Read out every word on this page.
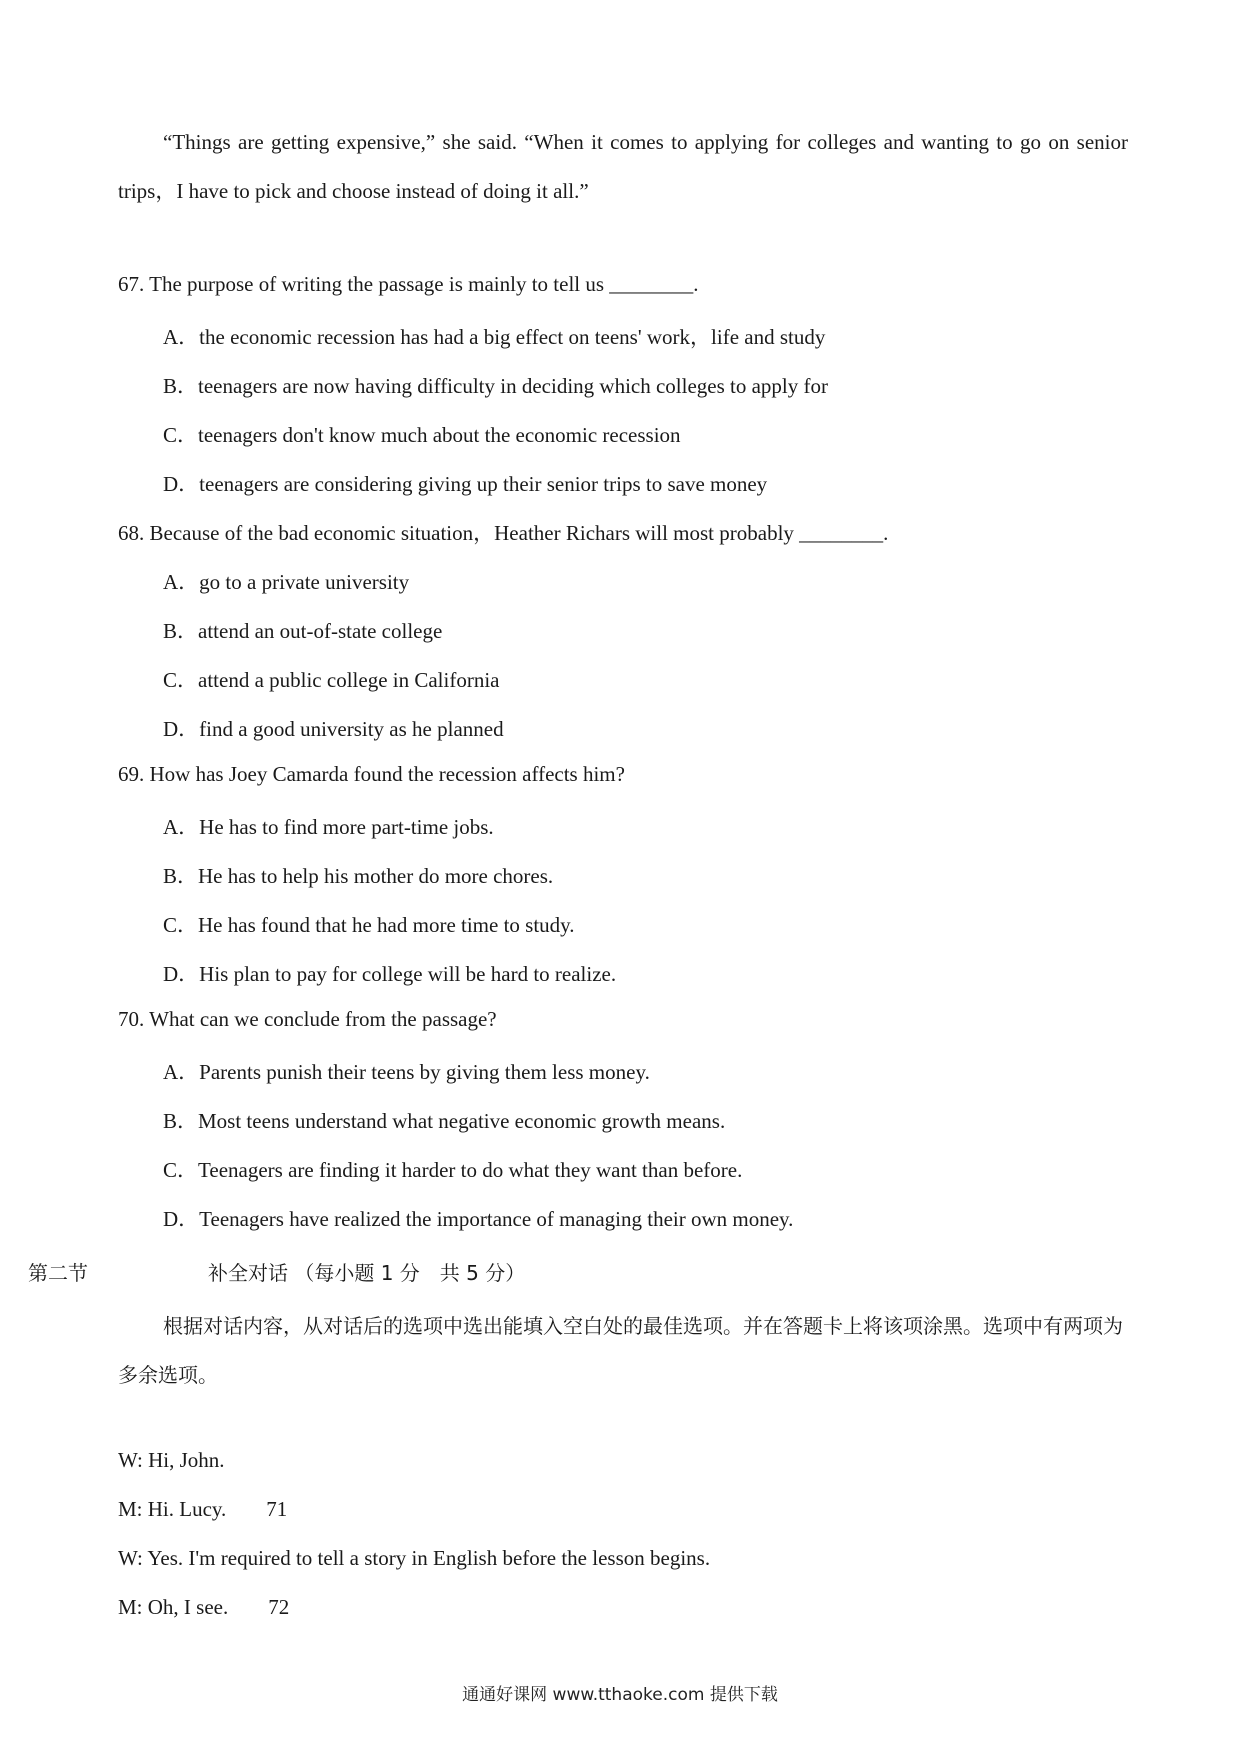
“Things are getting expensive,” she said. “When it comes to applying for colleges and wanting to go on senior trips，I have to pick and choose instead of doing it all.”
67. The purpose of writing the passage is mainly to tell us ________.
A．the economic recession has had a big effect on teens' work，life and study
B．teenagers are now having difficulty in deciding which colleges to apply for
C．teenagers don't know much about the economic recession
D．teenagers are considering giving up their senior trips to save money
68. Because of the bad economic situation，Heather Richars will most probably ________.
A．go to a private university
B．attend an out-of-state college
C．attend a public college in California
D．find a good university as he planned
69. How has Joey Camarda found the recession affects him?
A．He has to find more part-time jobs.
B．He has to help his mother do more chores.
C．He has found that he had more time to study.
D．His plan to pay for college will be hard to realize.
70. What can we conclude from the passage?
A．Parents punish their teens by giving them less money.
B．Most teens understand what negative economic growth means.
C．Teenagers are finding it harder to do what they want than before.
D．Teenagers have realized the importance of managing their own money.
第二节	补全对话 （每小题 1 分　共 5 分）
根据对话内容，从对话后的选项中选出能填入空白处的最佳选项。并在答题卡上将该项涂黑。选项中有两项为多余选项。
W: Hi, John.
M: Hi. Lucy. 71
W: Yes. I'm required to tell a story in English before the lesson begins.
M: Oh, I see. 72
通通好课网 www.tthaoke.com 提供下载
